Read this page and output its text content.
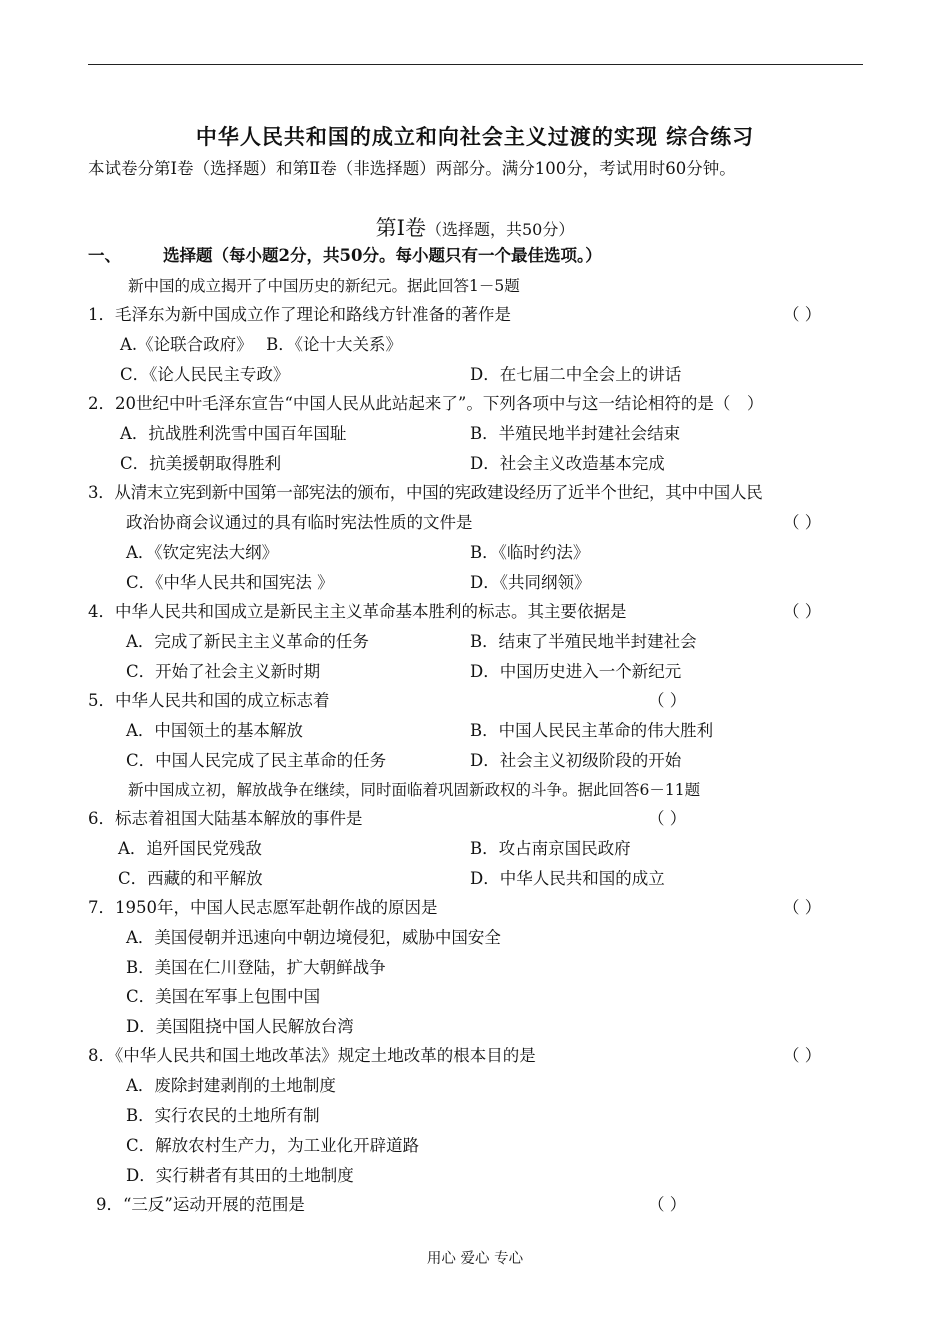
中华人民共和国的成立和向社会主义过渡的实现 综合练习
本试卷分第Ⅰ卷（选择题）和第Ⅱ卷（非选择题）两部分。满分100分，考试用时60分钟。
第Ⅰ卷（选择题，共50分）
一、	选择题（每小题2分，共50分。每小题只有一个最佳选项。）
新中国的成立揭开了中国历史的新纪元。据此回答1－5题
1．毛泽东为新中国成立作了理论和路线方针准备的著作是	（ ）
A.《论联合政府》　 B．《论十大关系》
C．《论人民民主专政》	D．在七届二中全会上的讲话
2．20世纪中叶毛泽东宣告“中国人民从此站起来了”。下列各项中与这一结论相符的是（　）
A．抗战胜利洗雪中国百年国耻	B．半殖民地半封建社会结束
C．抗美援朝取得胜利	D．社会主义改造基本完成
3．从清末立宪到新中国第一部宪法的颁布，中国的宪政建设经历了近半个世纪，其中中国人民
政治协商会议通过的具有临时宪法性质的文件是	（ ）
A．《钦定宪法大纲》	B．《临时约法》
C．《中华人民共和国宪法 》	D．《共同纲领》
4．中华人民共和国成立是新民主主义革命基本胜利的标志。其主要依据是	（ ）
A．完成了新民主主义革命的任务	B．结束了半殖民地半封建社会
C．开始了社会主义新时期	D．中国历史进入一个新纪元
5．中华人民共和国的成立标志着	（ ）
A．中国领土的基本解放	B．中国人民民主革命的伟大胜利
C．中国人民完成了民主革命的任务	D．社会主义初级阶段的开始
新中国成立初，解放战争在继续，同时面临着巩固新政权的斗争。据此回答6－11题
6．标志着祖国大陆基本解放的事件是	（ ）
A．追歼国民党残敌	B．攻占南京国民政府
C．西藏的和平解放	D．中华人民共和国的成立
7．1950年，中国人民志愿军赴朝作战的原因是	（ ）
A．美国侵朝并迅速向中朝边境侵犯，威胁中国安全
B．美国在仁川登陆，扩大朝鲜战争
C．美国在军事上包围中国
D．美国阻挠中国人民解放台湾
8．《中华人民共和国土地改革法》规定土地改革的根本目的是	（ ）
A．废除封建剥削的土地制度
B．实行农民的土地所有制
C．解放农村生产力，为工业化开辟道路
D．实行耕者有其田的土地制度
9．“三反”运动开展的范围是	（ ）
用心 爱心 专心
